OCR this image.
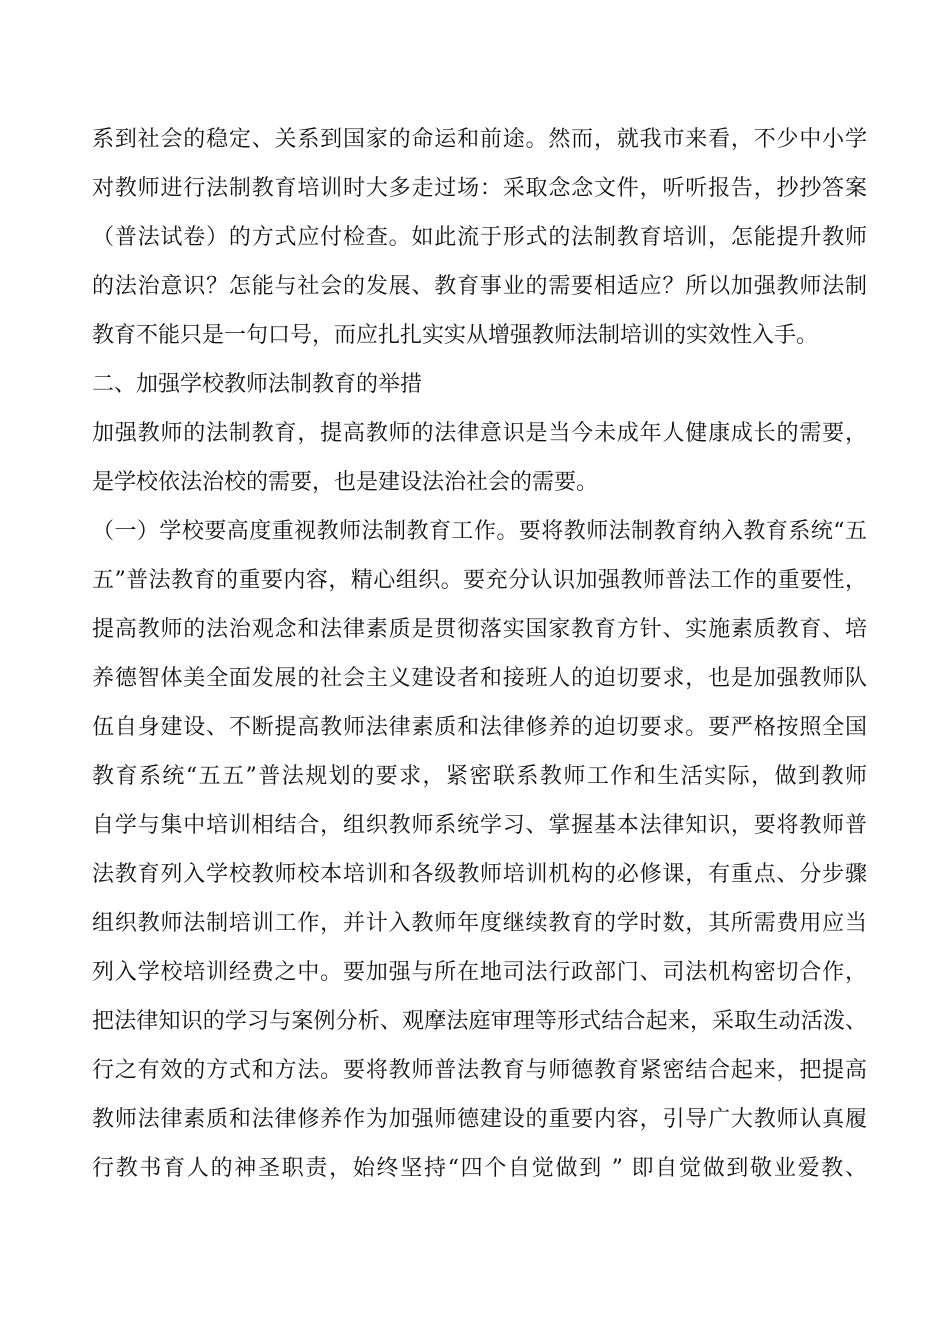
系到社会的稳定、关系到国家的命运和前途。然而，就我市来看，不少中小学
对教师进行法制教育培训时大多走过场：采取念念文件，听听报告，抄抄答案
（普法试卷）的方式应付检查。如此流于形式的法制教育培训，怎能提升教师
的法治意识？怎能与社会的发展、教育事业的需要相适应？所以加强教师法制
教育不能只是一句口号，而应扎扎实实从增强教师法制培训的实效性入手。
二、加强学校教师法制教育的举措
加强教师的法制教育，提高教师的法律意识是当今未成年人健康成长的需要，
是学校依法治校的需要，也是建设法治社会的需要。
（一）学校要高度重视教师法制教育工作。要将教师法制教育纳入教育系统“五
五”普法教育的重要内容，精心组织。要充分认识加强教师普法工作的重要性，
提高教师的法治观念和法律素质是贯彻落实国家教育方针、实施素质教育、培
养德智体美全面发展的社会主义建设者和接班人的迫切要求，也是加强教师队
伍自身建设、不断提高教师法律素质和法律修养的迫切要求。要严格按照全国
教育系统“五五”普法规划的要求，紧密联系教师工作和生活实际，做到教师
自学与集中培训相结合，组织教师系统学习、掌握基本法律知识，要将教师普
法教育列入学校教师校本培训和各级教师培训机构的必修课，有重点、分步骤
组织教师法制培训工作，并计入教师年度继续教育的学时数，其所需费用应当
列入学校培训经费之中。要加强与所在地司法行政部门、司法机构密切合作，
把法律知识的学习与案例分析、观摩法庭审理等形式结合起来，采取生动活泼、
行之有效的方式和方法。要将教师普法教育与师德教育紧密结合起来，把提高
教师法律素质和法律修养作为加强师德建设的重要内容，引导广大教师认真履
行教书育人的神圣职责，始终坚持“四个自觉做到 ” 即自觉做到敬业爱教、
